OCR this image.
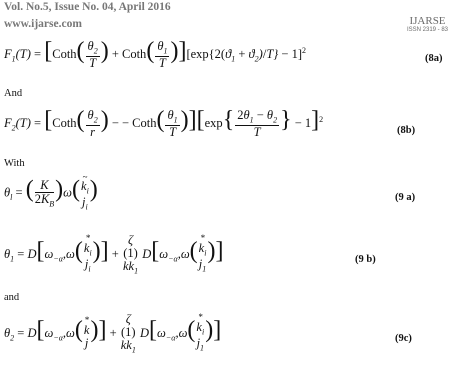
Vol. No.5, Issue No. 04, April 2016
www.ijarse.com	IJARSE
ISSN 2319 - 83
$F_1(T)$ = [Coth( $\frac{\theta_2}{T}$ ) + Coth( $\frac{\theta_1}{T} )][\exp\{2(ϑ_1 + ϑ_2)/T\} - 1]^2$
(8a)
And
$F_2(T)$ = [Coth( $\frac{\theta_2}{r}$ ) − − Coth( $\frac{\theta_1}{T} )][\exp\{ \frac{2\theta_1 - \theta_2}{T}$ } − 1]$^2$
(8b)
With
$\theta_l$ = ( $\frac{K}{2K_B} )\omega$( ~
$k_i$
$j_i$
)	(9 a)
$\theta_1 = D[\omega_{-\alpha},\omega$( *
$k_i$
$j_i$
)] +
ζ
(1)
$kk_1$
$D[\omega_{-\alpha},\omega$( *
$k_i$
$j_1$
)]	(9 b)
and
$\theta_2 = D[\omega_{-\alpha},\omega$( *
k
j )] +
ζ
(1)
$kk_1$
$D[\omega_{-\alpha},\omega$( *
$k_i$
$j_1$
)]	(9c)
